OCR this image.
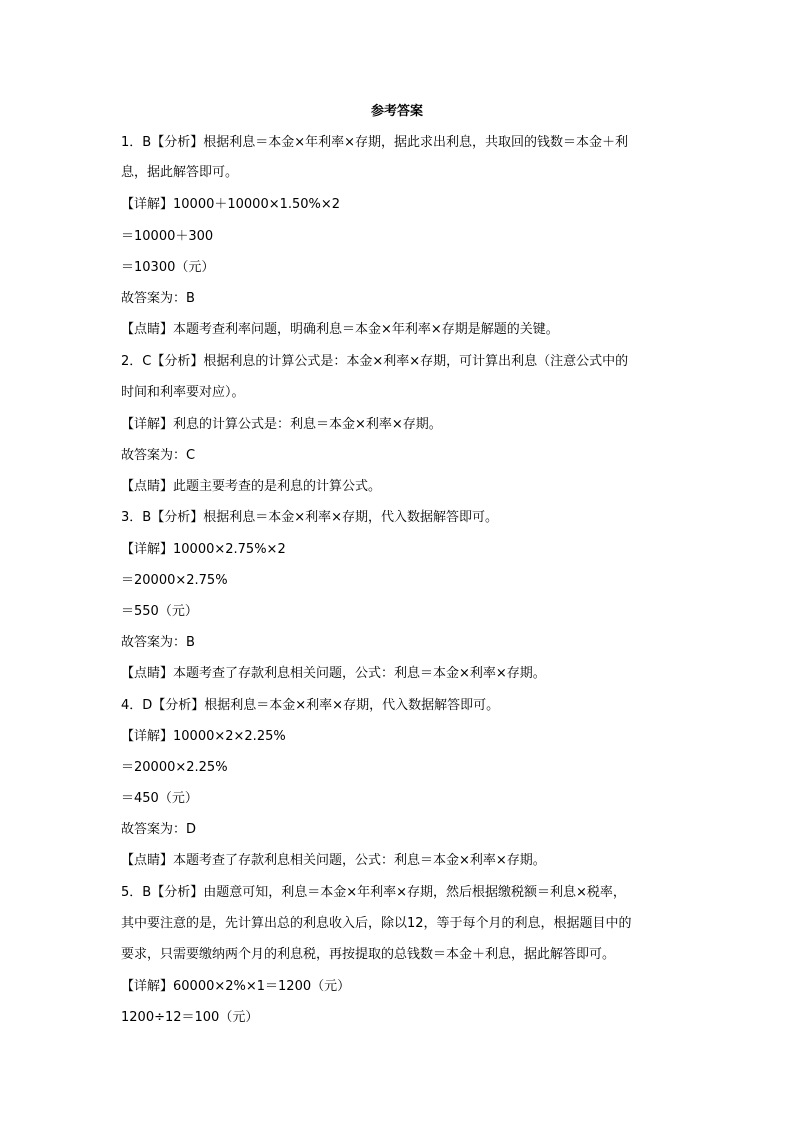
参考答案
1．B【分析】根据利息＝本金×年利率×存期，据此求出利息，共取回的钱数＝本金＋利
息，据此解答即可。
【详解】10000＋10000×1.50%×2
＝10000＋300
＝10300（元）
故答案为：B
【点睛】本题考查利率问题，明确利息＝本金×年利率×存期是解题的关键。
2．C【分析】根据利息的计算公式是：本金×利率×存期，可计算出利息（注意公式中的
时间和利率要对应）。
【详解】利息的计算公式是：利息＝本金×利率×存期。
故答案为：C
【点睛】此题主要考查的是利息的计算公式。
3．B【分析】根据利息＝本金×利率×存期，代入数据解答即可。
【详解】10000×2.75%×2
＝20000×2.75%
＝550（元）
故答案为：B
【点睛】本题考查了存款利息相关问题，公式：利息＝本金×利率×存期。
4．D【分析】根据利息＝本金×利率×存期，代入数据解答即可。
【详解】10000×2×2.25%
＝20000×2.25%
＝450（元）
故答案为：D
【点睛】本题考查了存款利息相关问题，公式：利息＝本金×利率×存期。
5．B【分析】由题意可知，利息＝本金×年利率×存期，然后根据缴税额＝利息×税率，
其中要注意的是，先计算出总的利息收入后，除以12，等于每个月的利息，根据题目中的
要求，只需要缴纳两个月的利息税，再按提取的总钱数＝本金＋利息，据此解答即可。
【详解】60000×2%×1＝1200（元）
1200÷12＝100（元）
